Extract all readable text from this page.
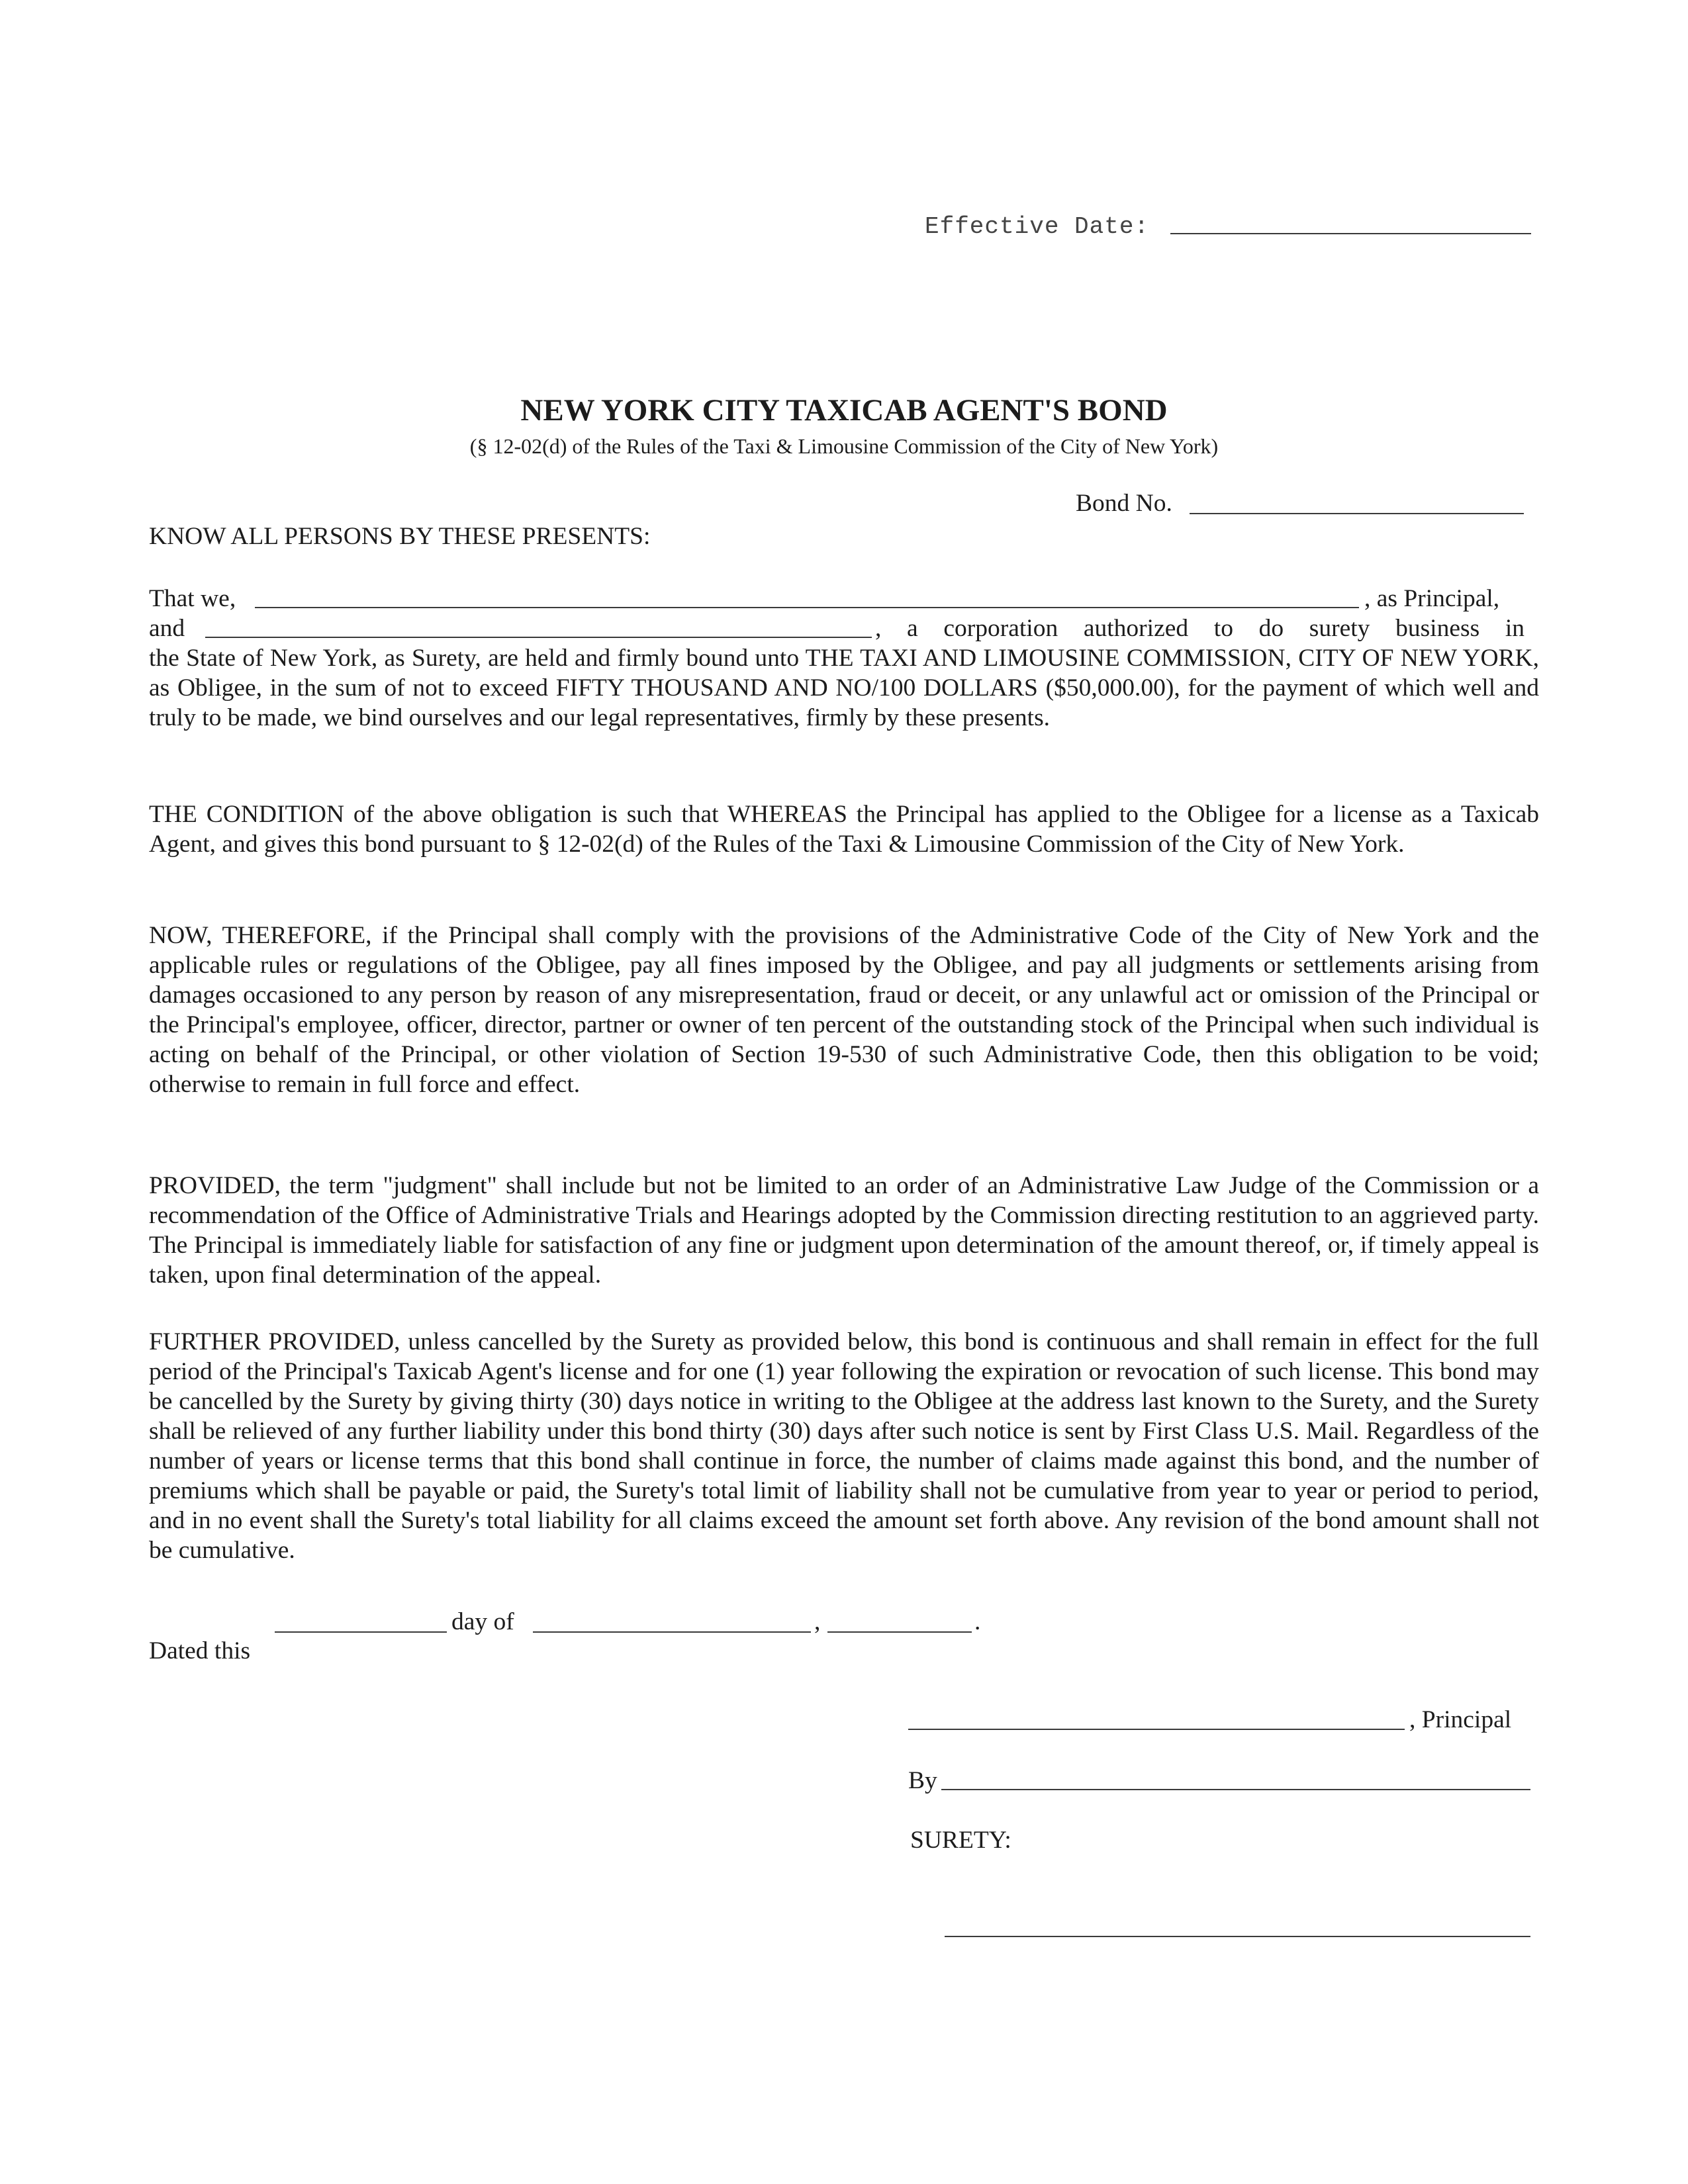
Effective Date:
NEW YORK CITY TAXICAB AGENT'S BOND
(§ 12-02(d) of the Rules of the Taxi & Limousine Commission of the City of New York)
Bond No.
KNOW ALL PERSONS BY THESE PRESENTS:
That we,	, as Principal,
and	, a corporation authorized to do surety business in

the State of New York, as Surety, are held and firmly bound unto THE TAXI AND LIMOUSINE COMMISSION, CITY OF NEW YORK, as Obligee, in the sum of not to exceed FIFTY THOUSAND AND NO/100 DOLLARS ($50,000.00), for the payment of which well and truly to be made, we bind ourselves and our legal representatives, firmly by these presents.

THE CONDITION of the above obligation is such that WHEREAS the Principal has applied to the Obligee for a license as a Taxicab Agent, and gives this bond pursuant to § 12-02(d) of the Rules of the Taxi & Limousine Commission of the City of New York.

NOW, THEREFORE, if the Principal shall comply with the provisions of the Administrative Code of the City of New York and the applicable rules or regulations of the Obligee, pay all fines imposed by the Obligee, and pay all judgments or settlements arising from damages occasioned to any person by reason of any misrepresentation, fraud or deceit, or any unlawful act or omission of the Principal or the Principal's employee, officer, director, partner or owner of ten percent of the outstanding stock of the Principal when such individual is acting on behalf of the Principal, or other violation of Section 19-530 of such Administrative Code, then this obligation to be void; otherwise to remain in full force and effect.

PROVIDED, the term "judgment" shall include but not be limited to an order of an Administrative Law Judge of the Commission or a recommendation of the Office of Administrative Trials and Hearings adopted by the Commission directing restitution to an aggrieved party. The Principal is immediately liable for satisfaction of any fine or judgment upon determination of the amount thereof, or, if timely appeal is taken, upon final determination of the appeal.

FURTHER PROVIDED, unless cancelled by the Surety as provided below, this bond is continuous and shall remain in effect for the full period of the Principal's Taxicab Agent's license and for one (1) year following the expiration or revocation of such license. This bond may be cancelled by the Surety by giving thirty (30) days notice in writing to the Obligee at the address last known to the Surety, and the Surety shall be relieved of any further liability under this bond thirty (30) days after such notice is sent by First Class U.S. Mail. Regardless of the number of years or license terms that this bond shall continue in force, the number of claims made against this bond, and the number of premiums which shall be payable or paid, the Surety's total limit of liability shall not be cumulative from year to year or period to period, and in no event shall the Surety's total liability for all claims exceed the amount set forth above. Any revision of the bond amount shall not be cumulative.

day of	,	.
Dated this
, Principal
By
SURETY:
